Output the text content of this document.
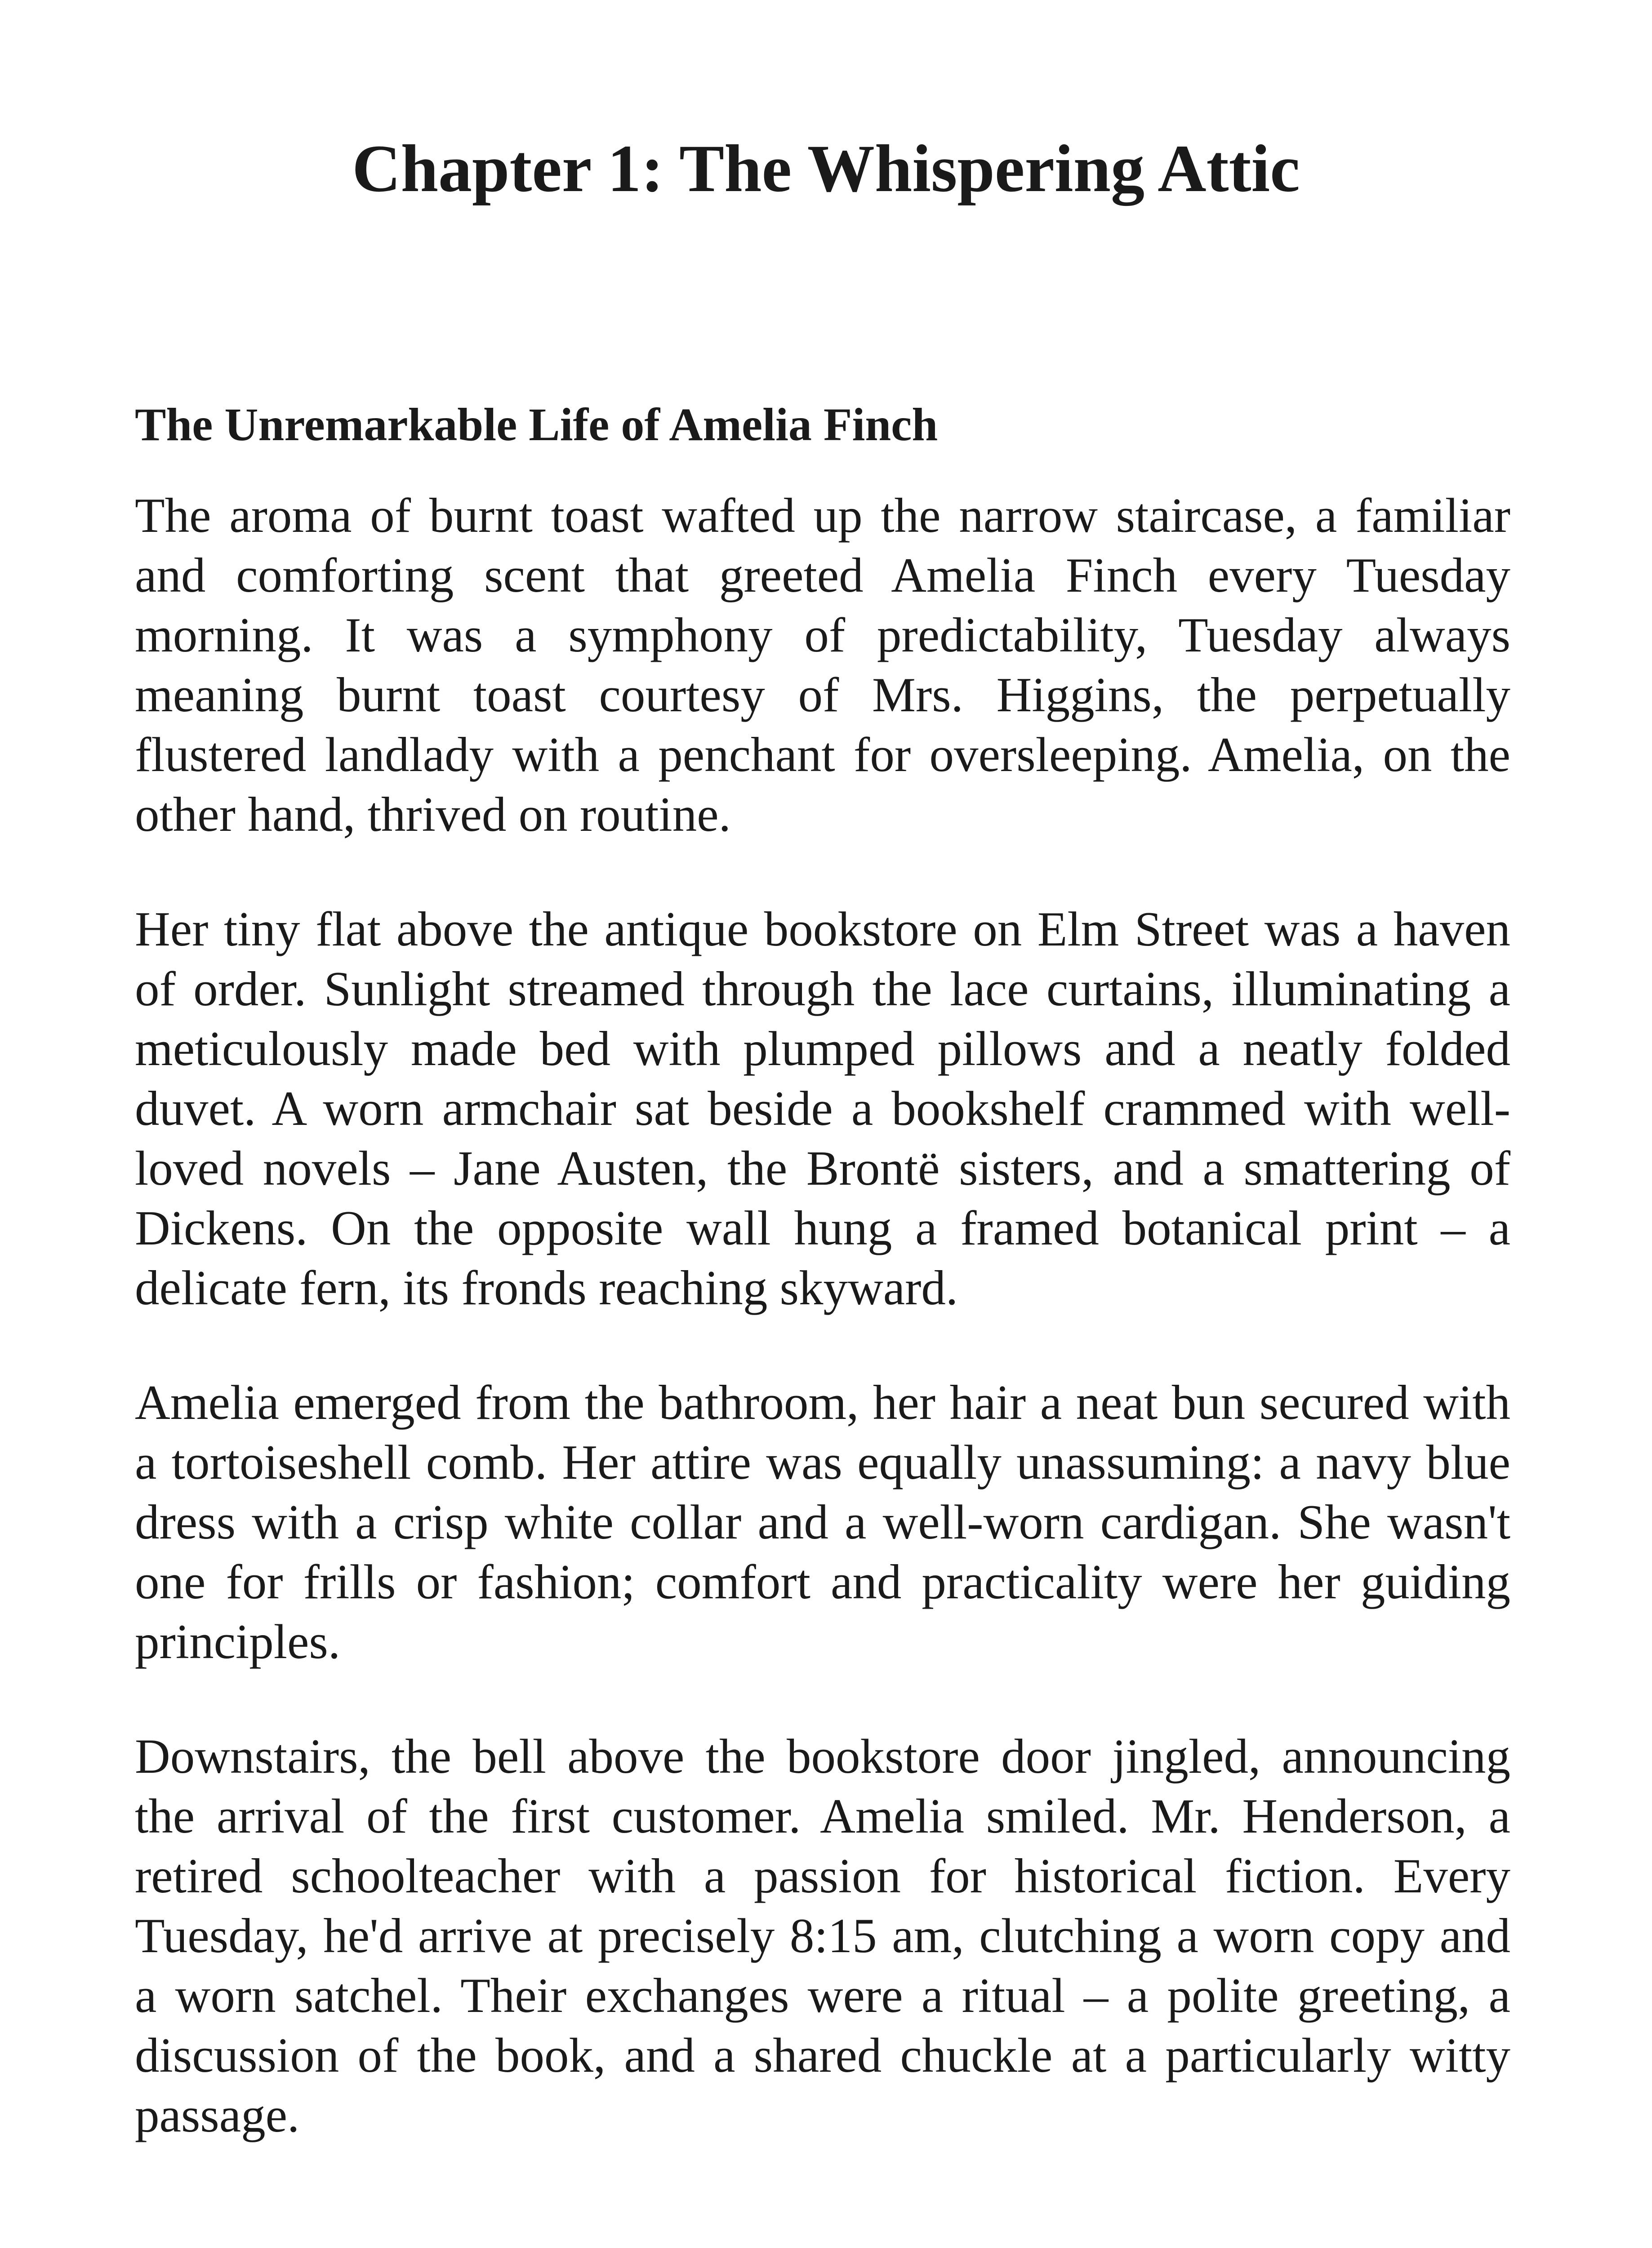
Chapter 1: The Whispering Attic
The Unremarkable Life of Amelia Finch

The aroma of burnt toast wafted up the narrow staircase, a familiar and comforting scent that greeted Amelia Finch every Tuesday morning. It was a symphony of predictability, Tuesday always meaning burnt toast courtesy of Mrs. Higgins, the perpetually flustered landlady with a penchant for oversleeping. Amelia, on the other hand, thrived on routine.

Her tiny flat above the antique bookstore on Elm Street was a haven of order. Sunlight streamed through the lace curtains, illuminating a meticulously made bed with plumped pillows and a neatly folded duvet. A worn armchair sat beside a bookshelf crammed with well-loved novels – Jane Austen, the Brontë sisters, and a smattering of Dickens. On the opposite wall hung a framed botanical print – a delicate fern, its fronds reaching skyward.

Amelia emerged from the bathroom, her hair a neat bun secured with a tortoiseshell comb. Her attire was equally unassuming: a navy blue dress with a crisp white collar and a well-worn cardigan. She wasn't one for frills or fashion; comfort and practicality were her guiding principles.

Downstairs, the bell above the bookstore door jingled, announcing the arrival of the first customer. Amelia smiled. Mr. Henderson, a retired schoolteacher with a passion for historical fiction. Every Tuesday, he'd arrive at precisely 8:15 am, clutching a worn copy and a worn satchel. Their exchanges were a ritual – a polite greeting, a discussion of the book, and a shared chuckle at a particularly witty passage.
